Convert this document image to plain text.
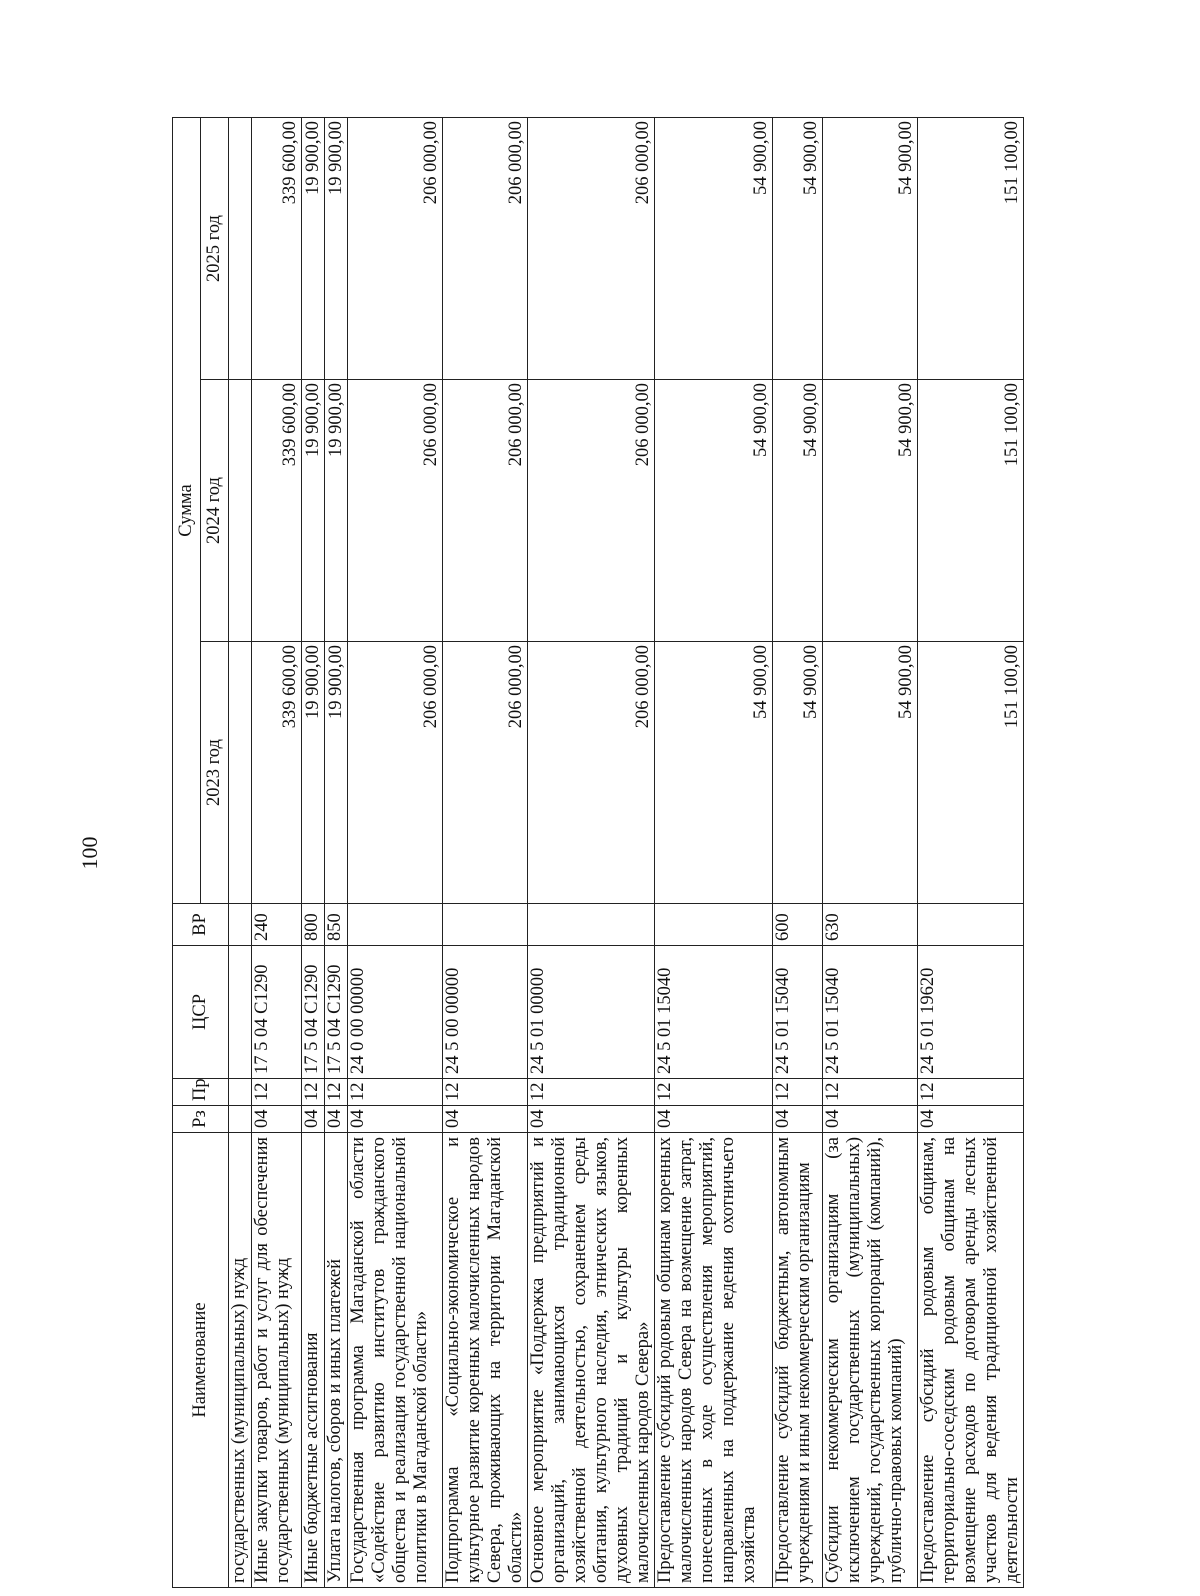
100
Наименование	Рз	Пр	ЦСР	ВР	Сумма		
					2023 год	2024 год	2025 год
государственных (муниципальных) нужд							
Иные закупки товаров, работ и услуг для обеспечения государственных (муниципальных) нужд	04	12	17 5 04 С1290	240	339 600,00	339 600,00	339 600,00
Иные бюджетные ассигнования	04	12	17 5 04 С1290	800	19 900,00	19 900,00	19 900,00
Уплата налогов, сборов и иных платежей	04	12	17 5 04 С1290	850	19 900,00	19 900,00	19 900,00
Государственная программа Магаданской области «Содействие развитию институтов гражданского общества и реализация государственной национальной политики в Магаданской области»	04	12	24 0 00 00000		206 000,00	206 000,00	206 000,00
Подпрограмма «Социально-экономическое и культурное развитие коренных малочисленных народов Севера, проживающих на территории Магаданской области»	04	12	24 5 00 00000		206 000,00	206 000,00	206 000,00
Основное мероприятие «Поддержка предприятий и организаций, занимающихся традиционной хозяйственной деятельностью, сохранением среды обитания, культурного наследия, этнических языков, духовных традиций и культуры коренных малочисленных народов Севера»	04	12	24 5 01 00000		206 000,00	206 000,00	206 000,00
Предоставление субсидий родовым общинам коренных малочисленных народов Севера на возмещение затрат, понесенных в ходе осуществления мероприятий, направленных на поддержание ведения охотничьего хозяйства	04	12	24 5 01 15040		54 900,00	54 900,00	54 900,00
Предоставление субсидий бюджетным, автономным учреждениям и иным некоммерческим организациям	04	12	24 5 01 15040	600	54 900,00	54 900,00	54 900,00
Субсидии некоммерческим организациям (за исключением государственных (муниципальных) учреждений, государственных корпораций (компаний), публично-правовых компаний)	04	12	24 5 01 15040	630	54 900,00	54 900,00	54 900,00
Предоставление субсидий родовым общинам, территориально-соседским родовым общинам на возмещение расходов по договорам аренды лесных участков для ведения традиционной хозяйственной деятельности	04	12	24 5 01 19620		151 100,00	151 100,00	151 100,00
